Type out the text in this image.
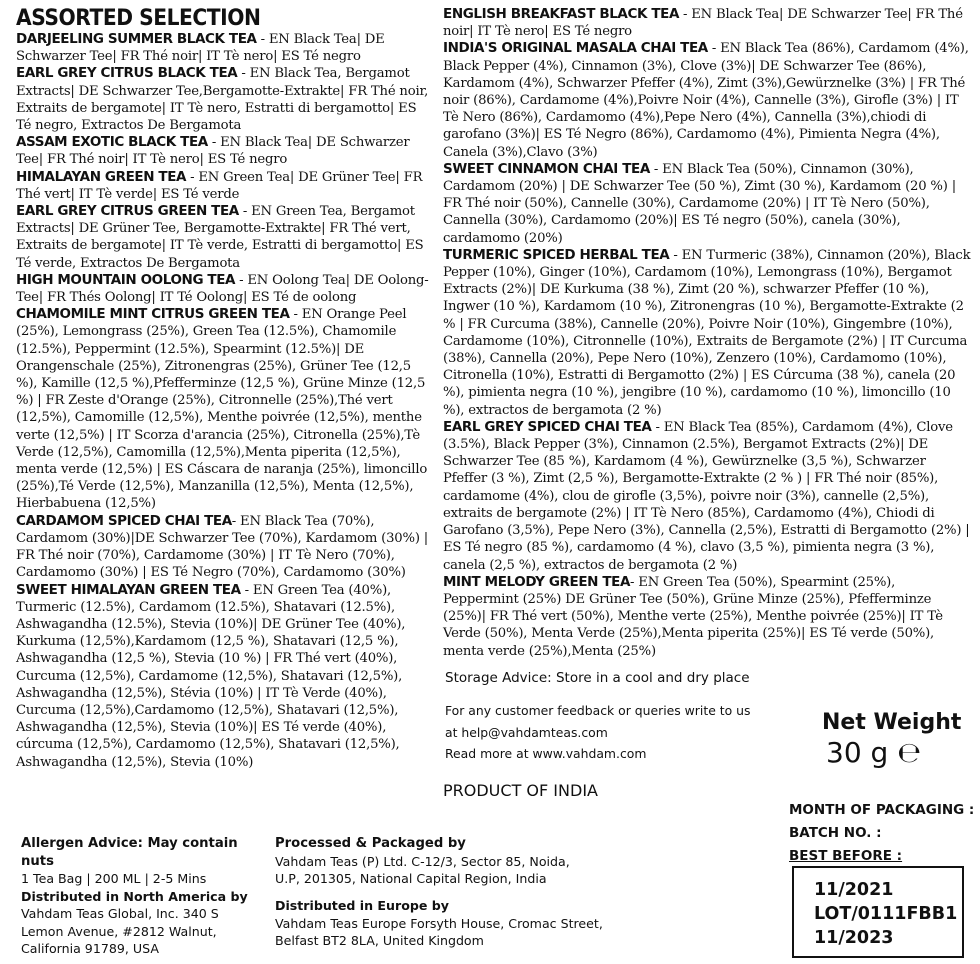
ASSORTED SELECTION

DARJEELING SUMMER BLACK TEA - EN Black Tea| DE Schwarzer Tee| FR Thé noir| IT Tè nero| ES Té negro

EARL GREY CITRUS BLACK TEA - EN Black Tea, Bergamot Extracts| DE Schwarzer Tee,Bergamotte-Extrakte| FR Thé noir, Extraits de bergamote| IT Tè nero, Estratti di bergamotto| ES Té negro, Extractos De Bergamota

ASSAM EXOTIC BLACK TEA - EN Black Tea| DE Schwarzer Tee| FR Thé noir| IT Tè nero| ES Té negro

HIMALAYAN GREEN TEA - EN Green Tea| DE Grüner Tee| FR Thé vert| IT Tè verde| ES Té verde

EARL GREY CITRUS GREEN TEA - EN Green Tea, Bergamot Extracts| DE Grüner Tee, Bergamotte-Extrakte| FR Thé vert, Extraits de bergamote| IT Tè verde, Estratti di bergamotto| ES Té verde, Extractos De Bergamota

HIGH MOUNTAIN OOLONG TEA - EN Oolong Tea| DE Oolong-Tee| FR Thés Oolong| IT Té Oolong| ES Té de oolong

CHAMOMILE MINT CITRUS GREEN TEA - EN Orange Peel (25%), Lemongrass (25%), Green Tea (12.5%), Chamomile (12.5%), Peppermint (12.5%), Spearmint (12.5%)| DE Orangenschale (25%), Zitronengras (25%), Grüner Tee (12,5 %), Kamille (12,5 %),Pfefferminze (12,5 %), Grüne Minze (12,5 %) | FR Zeste d'Orange (25%), Citronnelle (25%),Thé vert (12,5%), Camomille (12,5%), Menthe poivrée (12,5%), menthe verte (12,5%) | IT Scorza d'arancia (25%), Citronella (25%),Tè Verde (12,5%), Camomilla (12,5%),Menta piperita (12,5%), menta verde (12,5%) | ES Cáscara de naranja (25%), limoncillo (25%),Té Verde (12,5%), Manzanilla (12,5%), Menta (12,5%), Hierbabuena (12,5%)

CARDAMOM SPICED CHAI TEA- EN Black Tea (70%), Cardamom (30%)|DE Schwarzer Tee (70%), Kardamom (30%) | FR Thé noir (70%), Cardamome (30%) | IT Tè Nero (70%), Cardamomo (30%) | ES Té Negro (70%), Cardamomo (30%)

SWEET HIMALAYAN GREEN TEA - EN Green Tea (40%), Turmeric (12.5%), Cardamom (12.5%), Shatavari (12.5%), Ashwagandha (12.5%), Stevia (10%)| DE Grüner Tee (40%), Kurkuma (12,5%),Kardamom (12,5 %), Shatavari (12,5 %), Ashwagandha (12,5 %), Stevia (10 %) | FR Thé vert (40%), Curcuma (12,5%), Cardamome (12,5%), Shatavari (12,5%), Ashwagandha (12,5%), Stévia (10%) | IT Tè Verde (40%), Curcuma (12,5%),Cardamomo (12,5%), Shatavari (12,5%), Ashwagandha (12,5%), Stevia (10%)| ES Té verde (40%), cúrcuma (12,5%), Cardamomo (12,5%), Shatavari (12,5%), Ashwagandha (12,5%), Stevia (10%)

ENGLISH BREAKFAST BLACK TEA - EN Black Tea| DE Schwarzer Tee| FR Thé noir| IT Tè nero| ES Té negro

INDIA'S ORIGINAL MASALA CHAI TEA - EN Black Tea (86%), Cardamom (4%), Black Pepper (4%), Cinnamon (3%), Clove (3%)| DE Schwarzer Tee (86%), Kardamom (4%), Schwarzer Pfeffer (4%), Zimt (3%),Gewürznelke (3%) | FR Thé noir (86%), Cardamome (4%),Poivre Noir (4%), Cannelle (3%), Girofle (3%) | IT Tè Nero (86%), Cardamomo (4%),Pepe Nero (4%), Cannella (3%),chiodi di garofano (3%)| ES Té Negro (86%), Cardamomo (4%), Pimienta Negra (4%), Canela (3%),Clavo (3%)

SWEET CINNAMON CHAI TEA - EN Black Tea (50%), Cinnamon (30%), Cardamom (20%) | DE Schwarzer Tee (50 %), Zimt (30 %), Kardamom (20 %) | FR Thé noir (50%), Cannelle (30%), Cardamome (20%) | IT Tè Nero (50%), Cannella (30%), Cardamomo (20%)| ES Té negro (50%), canela (30%), cardamomo (20%)

TURMERIC SPICED HERBAL TEA - EN Turmeric (38%), Cinnamon (20%), Black Pepper (10%), Ginger (10%), Cardamom (10%), Lemongrass (10%), Bergamot Extracts (2%)| DE Kurkuma (38 %), Zimt (20 %), schwarzer Pfeffer (10 %), Ingwer (10 %), Kardamom (10 %), Zitronengras (10 %), Bergamotte-Extrakte (2 % | FR Curcuma (38%), Cannelle (20%), Poivre Noir (10%), Gingembre (10%), Cardamome (10%), Citronnelle (10%), Extraits de Bergamote (2%) | IT Curcuma (38%), Cannella (20%), Pepe Nero (10%), Zenzero (10%), Cardamomo (10%), Citronella (10%), Estratti di Bergamotto (2%) | ES Cúrcuma (38 %), canela (20 %), pimienta negra (10 %), jengibre (10 %), cardamomo (10 %), limoncillo (10 %), extractos de bergamota (2 %)

EARL GREY SPICED CHAI TEA - EN Black Tea (85%), Cardamom (4%), Clove (3.5%), Black Pepper (3%), Cinnamon (2.5%), Bergamot Extracts (2%)| DE Schwarzer Tee (85 %), Kardamom (4 %), Gewürznelke (3,5 %), Schwarzer Pfeffer (3 %), Zimt (2,5 %), Bergamotte-Extrakte (2 % ) | FR Thé noir (85%), cardamome (4%), clou de girofle (3,5%), poivre noir (3%), cannelle (2,5%), extraits de bergamote (2%) | IT Tè Nero (85%), Cardamomo (4%), Chiodi di Garofano (3,5%), Pepe Nero (3%), Cannella (2,5%), Estratti di Bergamotto (2%) | ES Té negro (85 %), cardamomo (4 %), clavo (3,5 %), pimienta negra (3 %), canela (2,5 %), extractos de bergamota (2 %)

MINT MELODY GREEN TEA- EN Green Tea (50%), Spearmint (25%), Peppermint (25%) DE Grüner Tee (50%), Grüne Minze (25%), Pfefferminze (25%)| FR Thé vert (50%), Menthe verte (25%), Menthe poivrée (25%)| IT Tè Verde (50%), Menta Verde (25%),Menta piperita (25%)| ES Té verde (50%), menta verde (25%),Menta (25%)

Storage Advice: Store in a cool and dry place
For any customer feedback or queries write to us
at help@vahdamteas.com
Read more at www.vahdam.com
PRODUCT OF INDIA
Net Weight
30 g ℮
Allergen Advice: May contain nuts
1 Tea Bag | 200 ML | 2-5 Mins
Distributed in North America by
Vahdam Teas Global, Inc. 340 S
Lemon Avenue, #2812 Walnut,
California 91789, USA
Processed & Packaged by
Vahdam Teas (P) Ltd. C-12/3, Sector 85, Noida,
U.P, 201305, National Capital Region, India
Distributed in Europe by
Vahdam Teas Europe Forsyth House, Cromac Street,
Belfast BT2 8LA, United Kingdom
MONTH OF PACKAGING :
BATCH NO. :
BEST BEFORE :
11/2021
LOT/0111FBB1
11/2023
